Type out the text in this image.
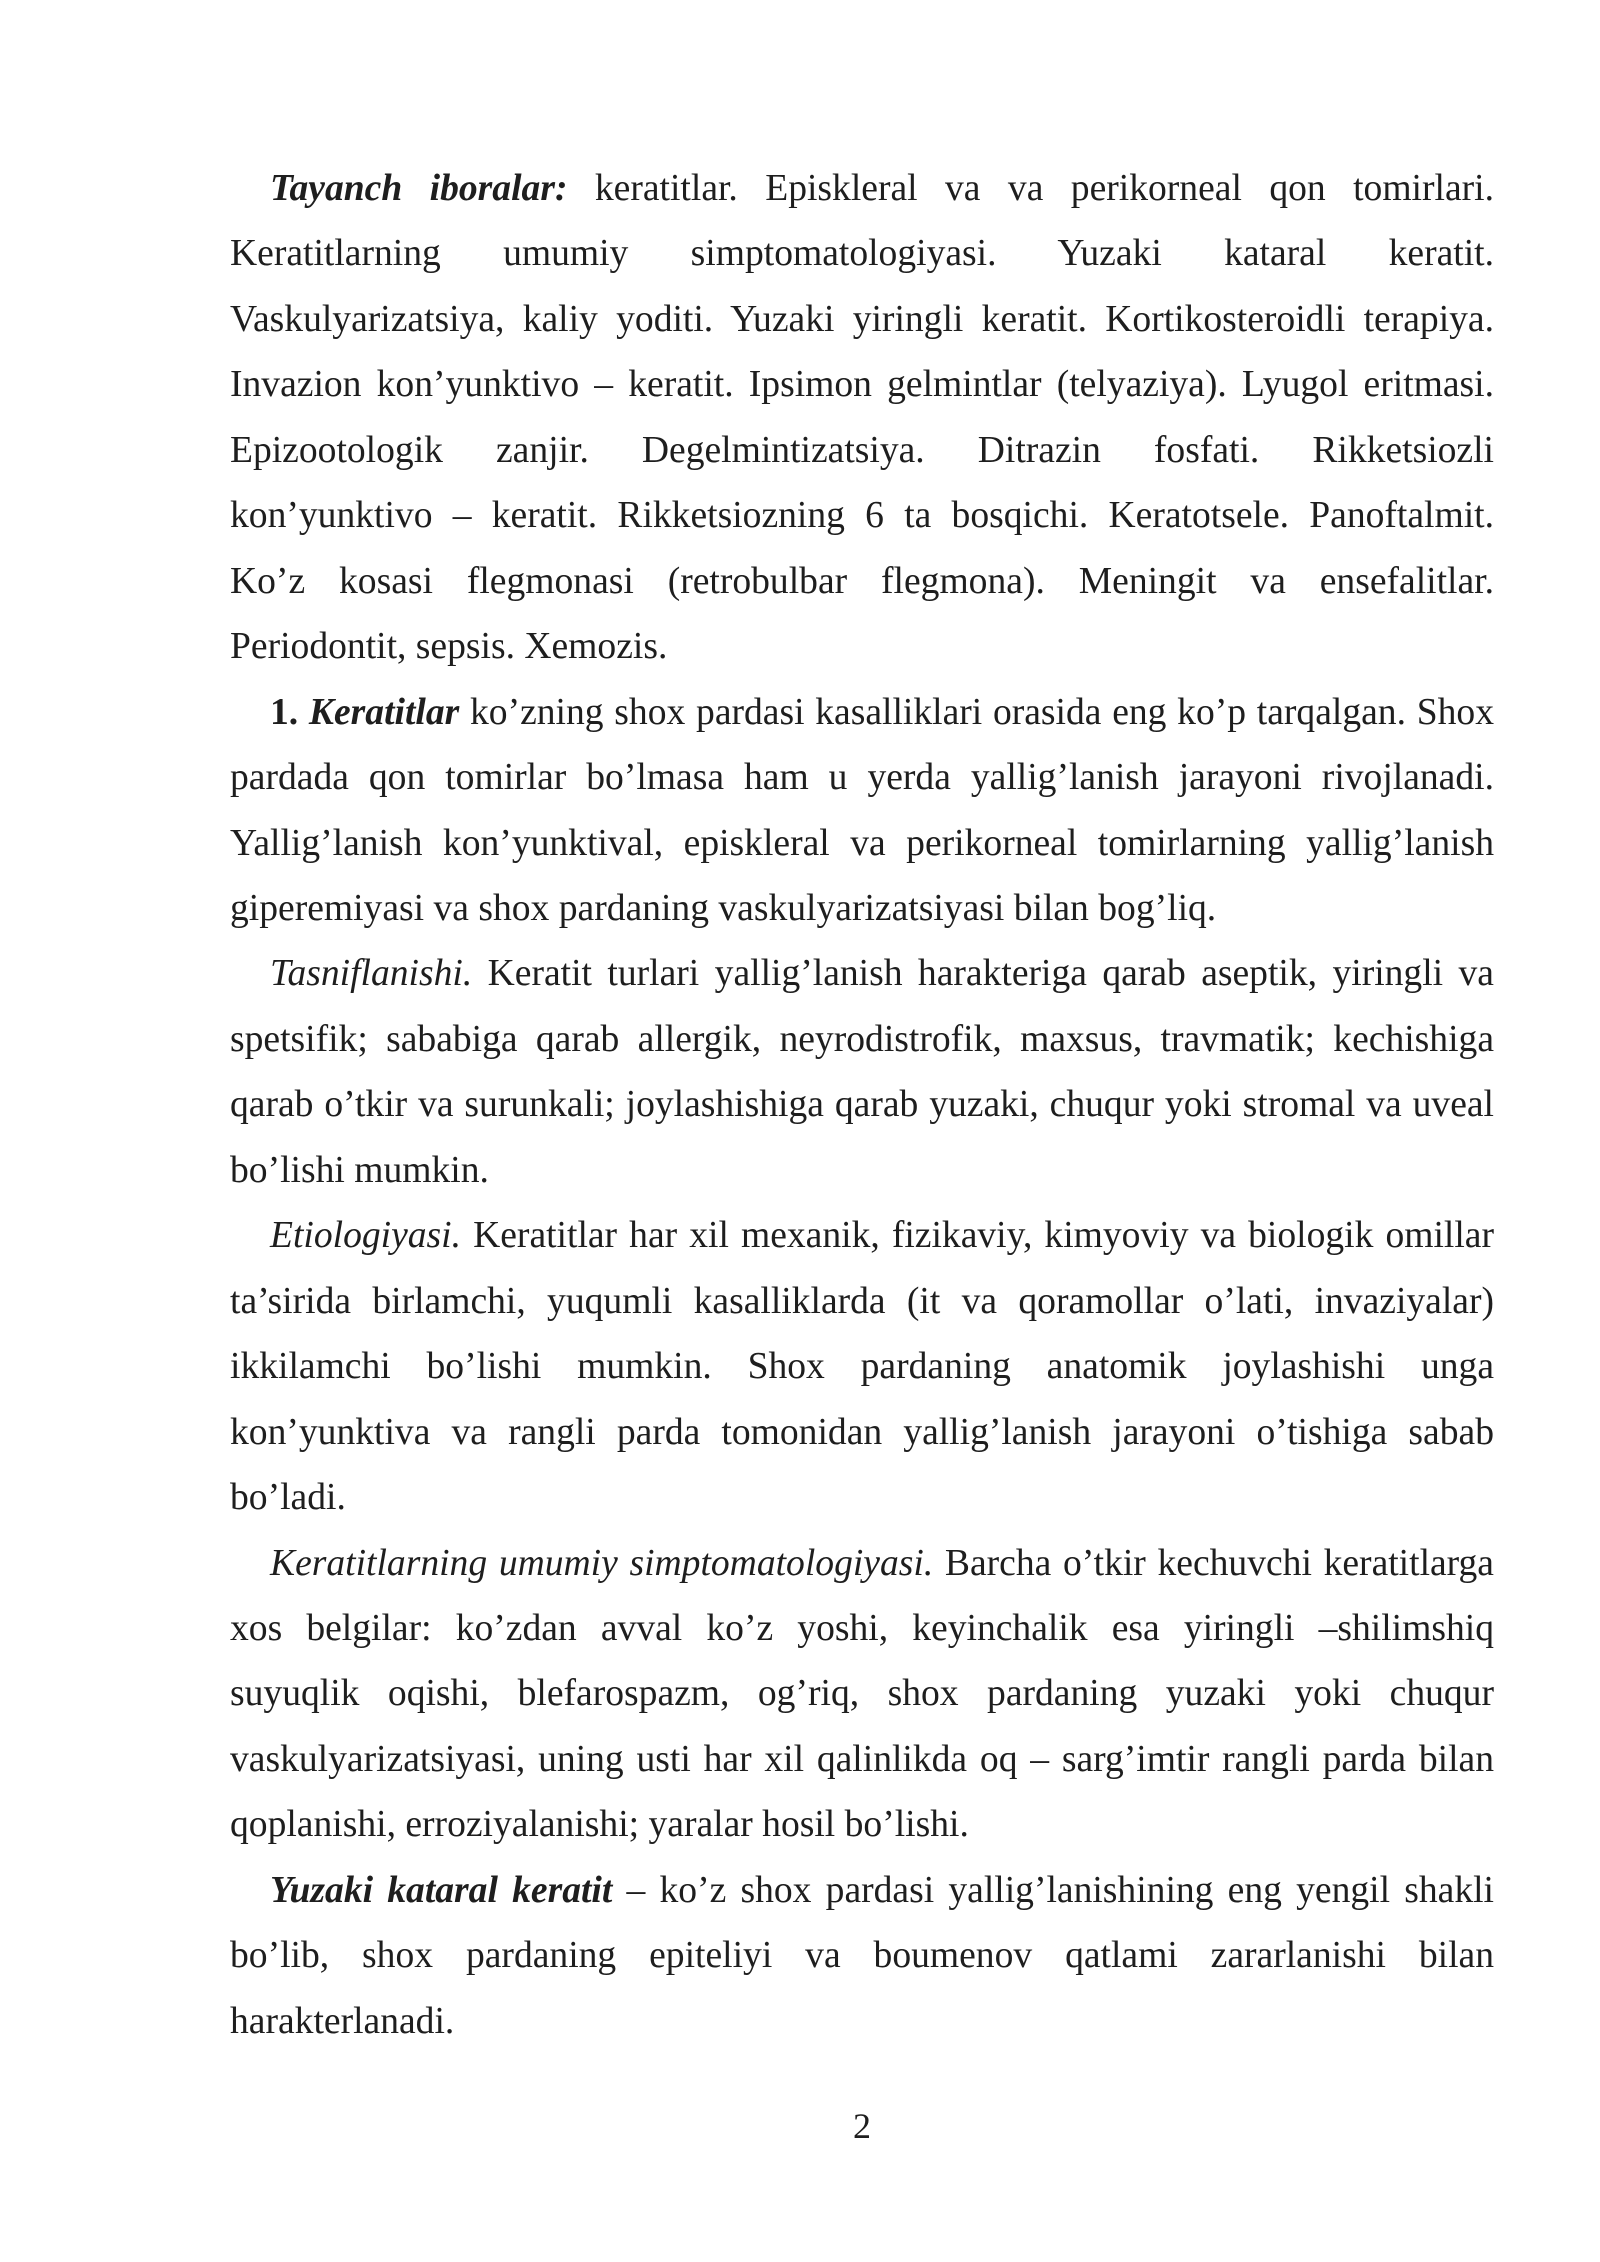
Tayanch iboralar: keratitlar. Episkleral va va perikorneal qon tomirlari.
Keratitlarning umumiy simptomatologiyasi. Yuzaki kataral keratit.
Vaskulyarizatsiya, kaliy yoditi. Yuzaki yiringli keratit. Kortikosteroidli terapiya.
Invazion kon’yunktivo – keratit. Ipsimon gelmintlar (telyaziya). Lyugol eritmasi.
Epizootologik zanjir. Degelmintizatsiya. Ditrazin fosfati. Rikketsiozli
kon’yunktivo – keratit. Rikketsiozning 6 ta bosqichi. Keratotsele. Panoftalmit.
Ko’z kosasi flegmonasi (retrobulbar flegmona). Meningit va ensefalitlar.
Periodontit, sepsis. Xemozis.
1. Keratitlar ko’zning shox pardasi kasalliklari orasida eng ko’p tarqalgan. Shox
pardada qon tomirlar bo’lmasa ham u yerda yallig’lanish jarayoni rivojlanadi.
Yallig’lanish kon’yunktival, episkleral va perikorneal tomirlarning yallig’lanish
giperemiyasi va shox pardaning vaskulyarizatsiyasi bilan bog’liq.
Tasniflanishi. Keratit turlari yallig’lanish harakteriga qarab aseptik, yiringli va
spetsifik; sababiga qarab allergik, neyrodistrofik, maxsus, travmatik; kechishiga
qarab o’tkir va surunkali; joylashishiga qarab yuzaki, chuqur yoki stromal va uveal
bo’lishi mumkin.
Etiologiyasi. Keratitlar har xil mexanik, fizikaviy, kimyoviy va biologik omillar
ta’sirida birlamchi, yuqumli kasalliklarda (it va qoramollar o’lati, invaziyalar)
ikkilamchi bo’lishi mumkin. Shox pardaning anatomik joylashishi unga
kon’yunktiva va rangli parda tomonidan yallig’lanish jarayoni o’tishiga sabab
bo’ladi.
Keratitlarning umumiy simptomatologiyasi. Barcha o’tkir kechuvchi keratitlarga
xos belgilar: ko’zdan avval ko’z yoshi, keyinchalik esa yiringli –shilimshiq
suyuqlik oqishi, blefarospazm, og’riq, shox pardaning yuzaki yoki chuqur
vaskulyarizatsiyasi, uning usti har xil qalinlikda oq – sarg’imtir rangli parda bilan
qoplanishi, erroziyalanishi; yaralar hosil bo’lishi.
Yuzaki kataral keratit – ko’z shox pardasi yallig’lanishining eng yengil shakli
bo’lib, shox pardaning epiteliyi va boumenov qatlami zararlanishi bilan
harakterlanadi.
2
